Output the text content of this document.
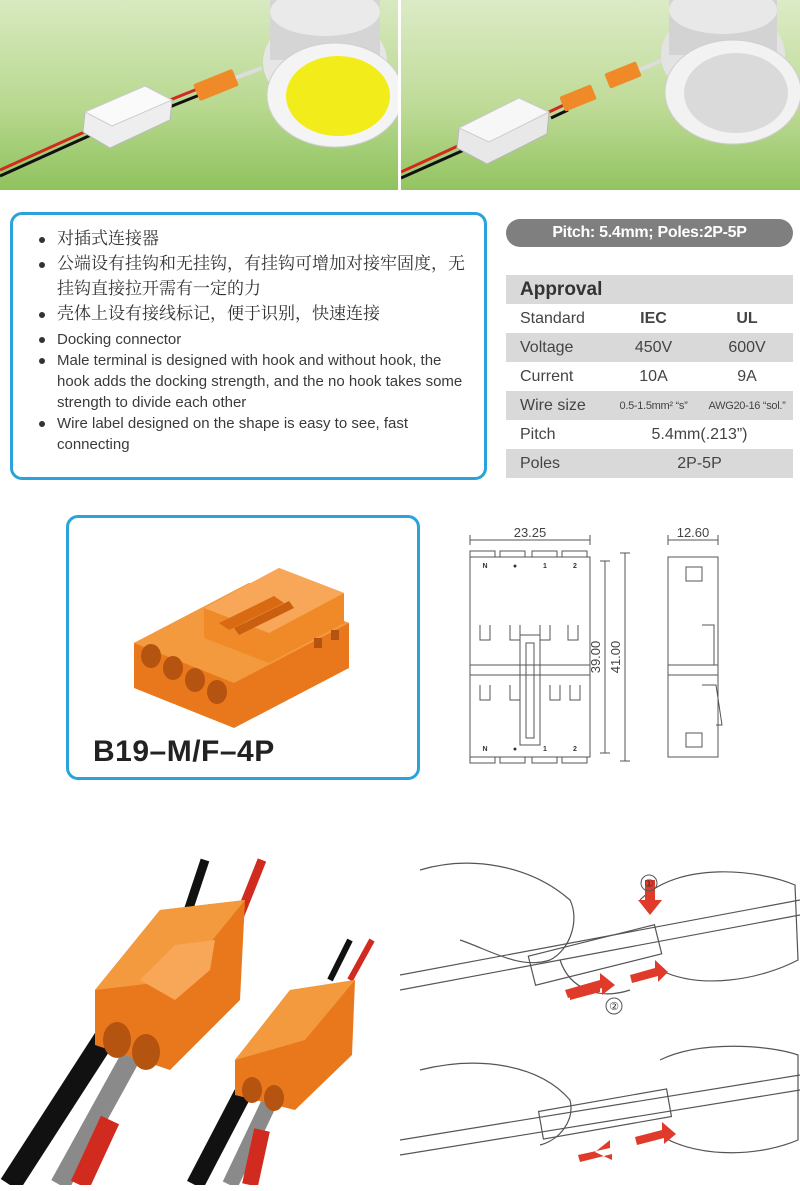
对插式连接器
公端设有挂钩和无挂钩，有挂钩可增加对接牢固度，无挂钩直接拉开需有一定的力
壳体上设有接线标记，便于识别，快速连接
Docking connector
Male terminal is designed with hook and without hook, the hook adds the docking strength, and the no hook takes some strength to divide each other
Wire label designed on the shape is easy to see, fast connecting
Pitch: 5.4mm; Poles:2P-5P
Approval
Standard	IEC	UL
Voltage	450V	600V
Current	10A	9A
Wire size	0.5-1.5mm² “s”	AWG20-16 “sol.”
Pitch	5.4mm(.213”)
Poles	2P-5P
B19–M/F–4P
23.25	12.60
39.00 41.00
N	●	1	2
N	●	1	2
①
②
